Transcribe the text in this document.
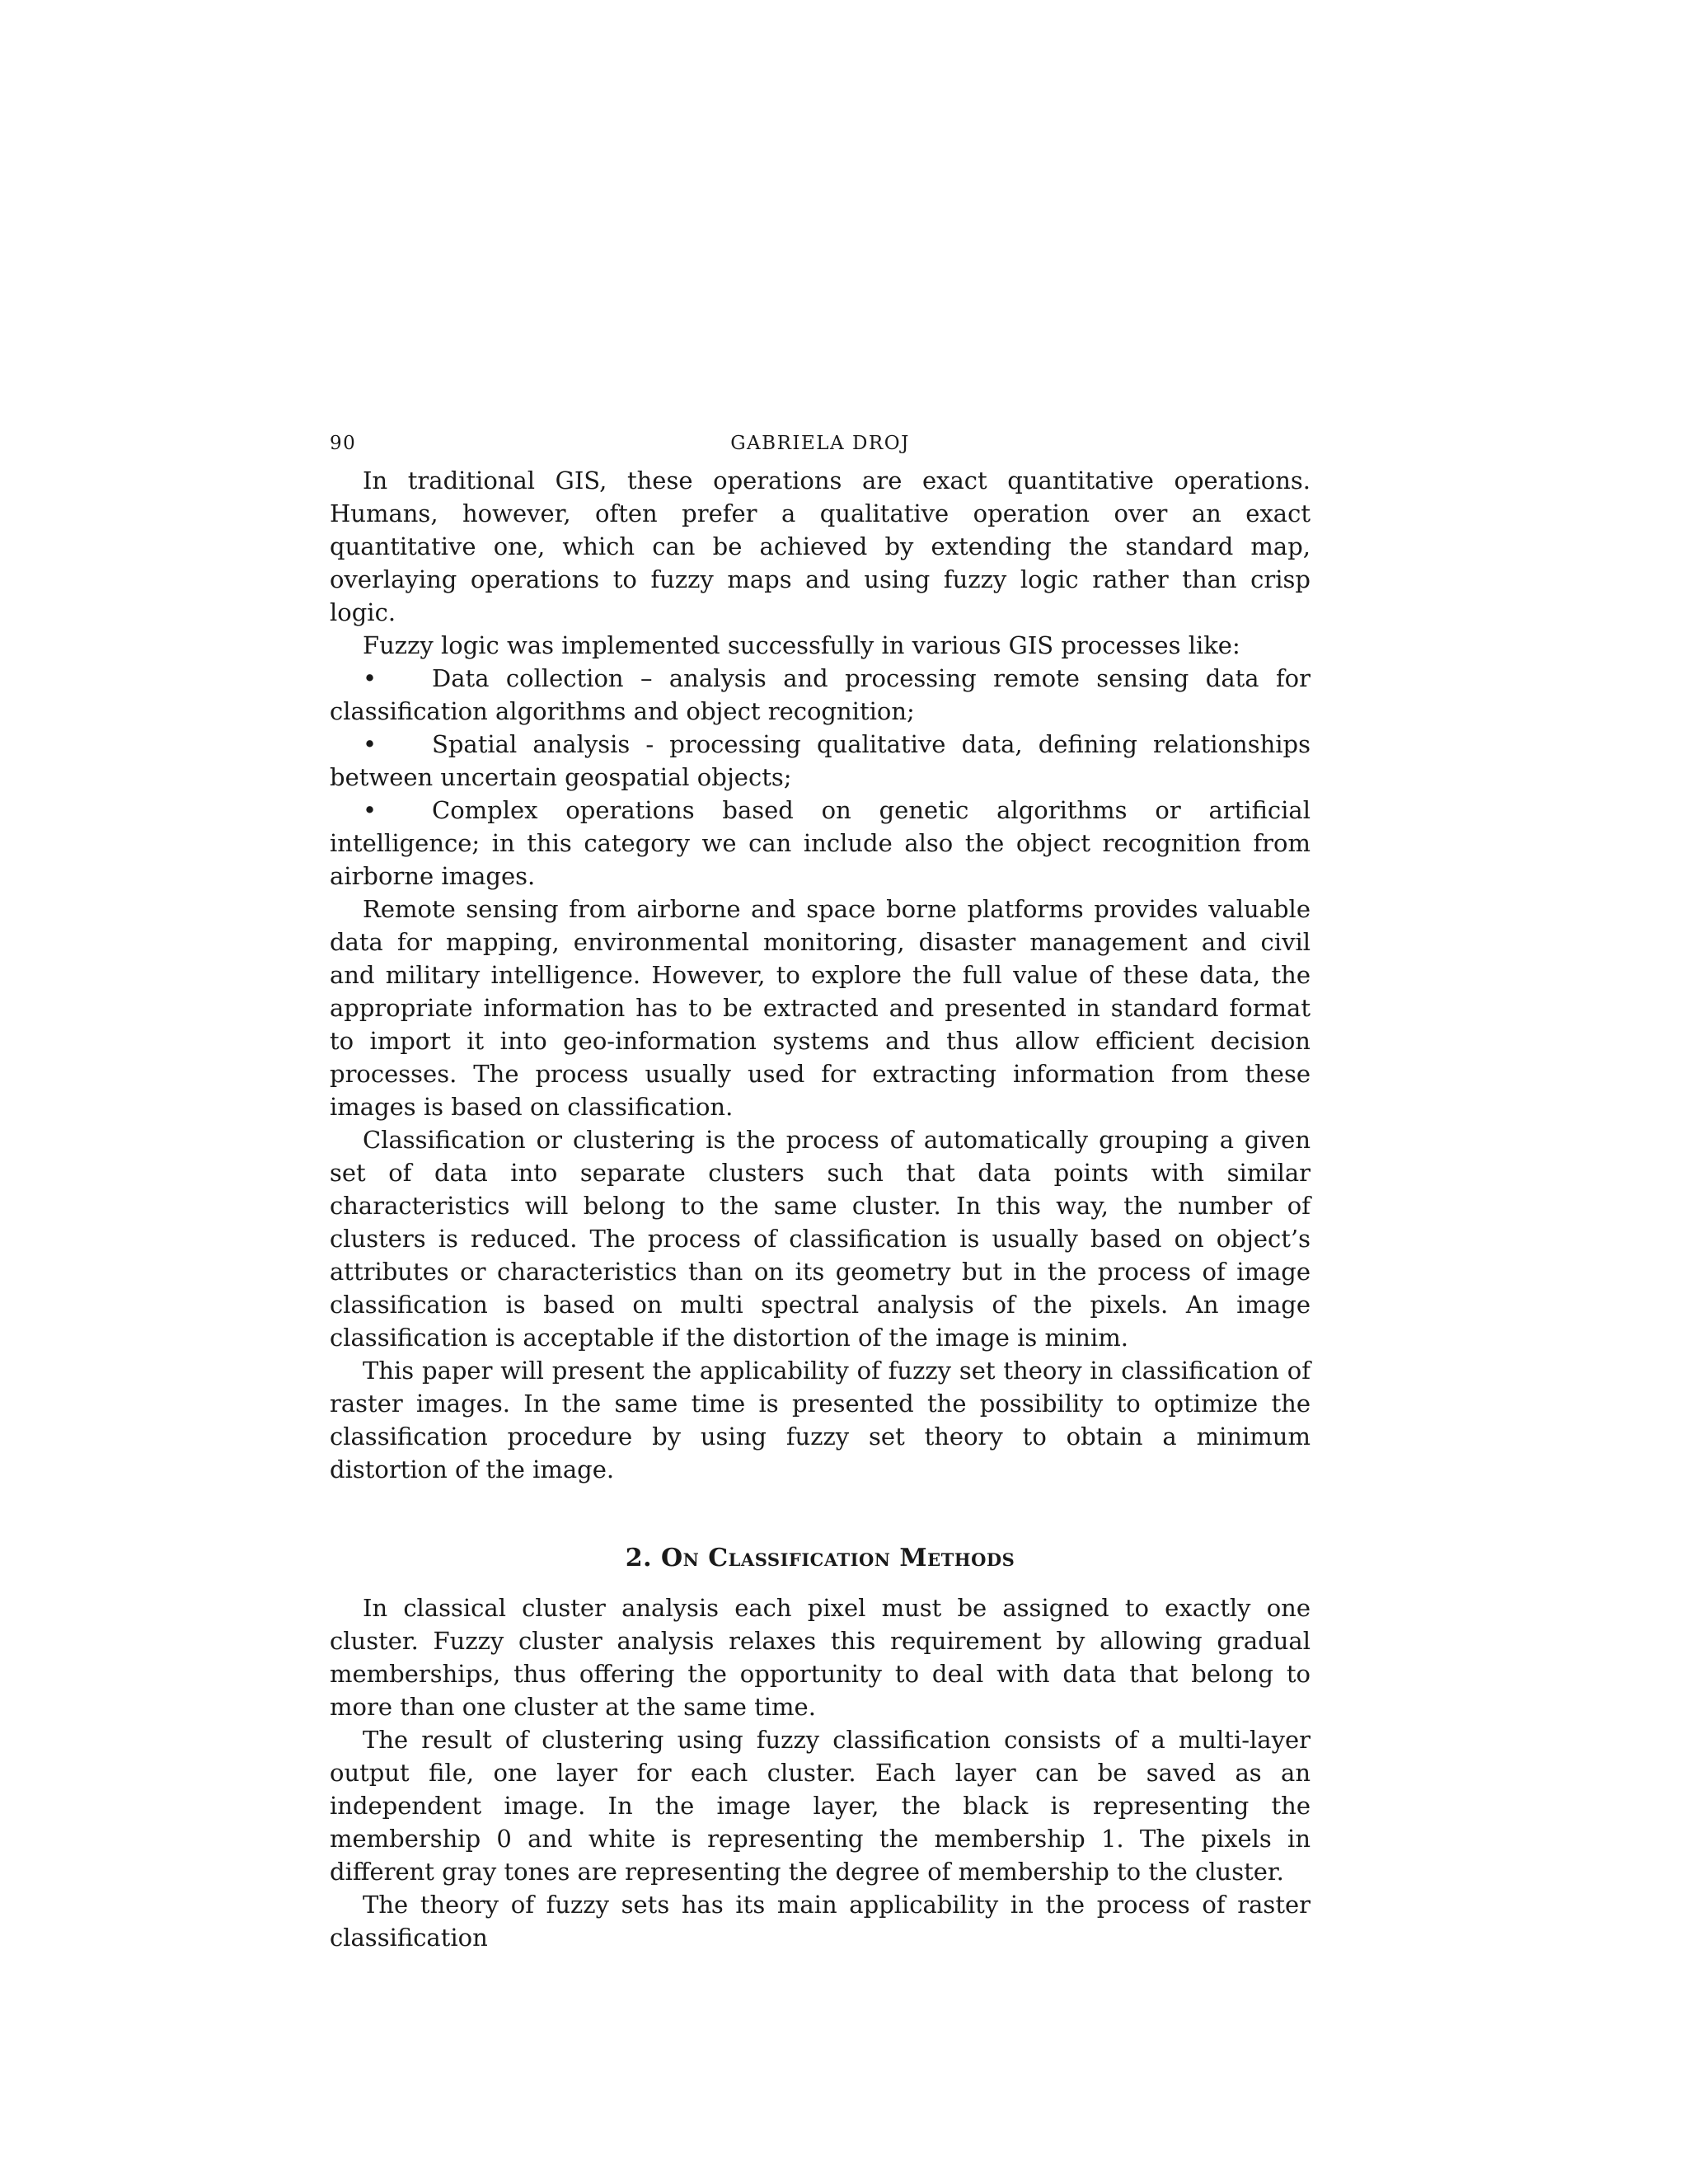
90	GABRIELA DROJ

In traditional GIS, these operations are exact quantitative operations. Humans, however, often prefer a qualitative operation over an exact quantitative one, which can be achieved by extending the standard map, overlaying operations to fuzzy maps and using fuzzy logic rather than crisp logic.

Fuzzy logic was implemented successfully in various GIS processes like:

• Data collection – analysis and processing remote sensing data for classification algorithms and object recognition;

• Spatial analysis - processing qualitative data, defining relationships between uncertain geospatial objects;

• Complex operations based on genetic algorithms or artificial intelligence; in this category we can include also the object recognition from airborne images.

Remote sensing from airborne and space borne platforms provides valuable data for mapping, environmental monitoring, disaster management and civil and military intelligence. However, to explore the full value of these data, the appropriate information has to be extracted and presented in standard format to import it into geo-information systems and thus allow efficient decision processes. The process usually used for extracting information from these images is based on classification.

Classification or clustering is the process of automatically grouping a given set of data into separate clusters such that data points with similar characteristics will belong to the same cluster. In this way, the number of clusters is reduced. The process of classification is usually based on object’s attributes or characteristics than on its geometry but in the process of image classification is based on multi spectral analysis of the pixels. An image classification is acceptable if the distortion of the image is minim.

This paper will present the applicability of fuzzy set theory in classification of raster images. In the same time is presented the possibility to optimize the classification procedure by using fuzzy set theory to obtain a minimum distortion of the image.

2. On Classification Methods

In classical cluster analysis each pixel must be assigned to exactly one cluster. Fuzzy cluster analysis relaxes this requirement by allowing gradual memberships, thus offering the opportunity to deal with data that belong to more than one cluster at the same time.

The result of clustering using fuzzy classification consists of a multi-layer output file, one layer for each cluster. Each layer can be saved as an independent image. In the image layer, the black is representing the membership 0 and white is representing the membership 1. The pixels in different gray tones are representing the degree of membership to the cluster.

The theory of fuzzy sets has its main applicability in the process of raster classification
